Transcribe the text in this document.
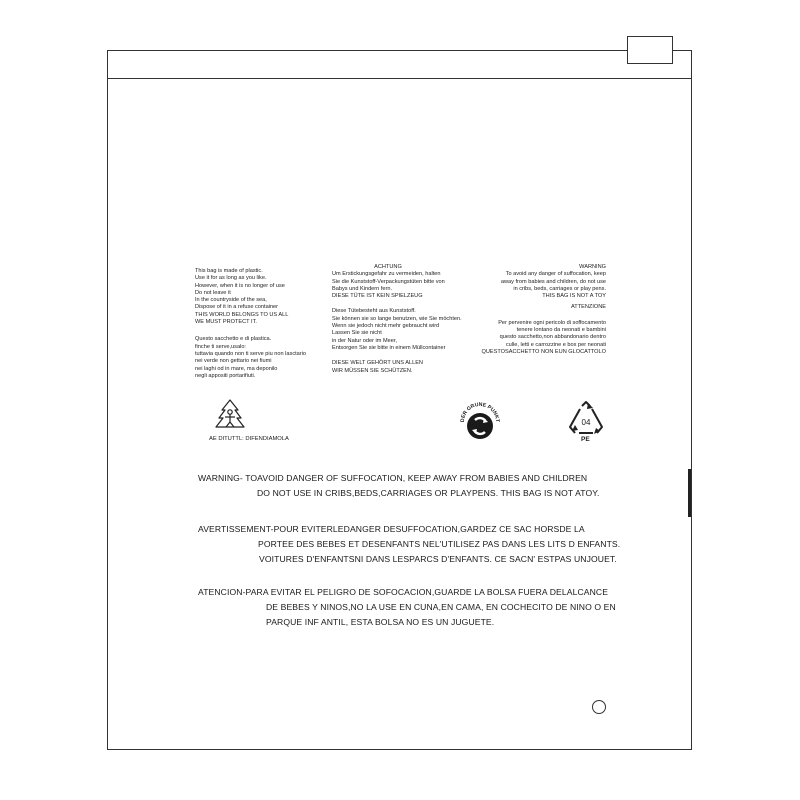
This bag is made of plastic.
Use it for as long as you like.
However, when it is no longer of use
Do not leave it
In the countryside of the sea,
Dispose of it in a refuse container
THIS WORLD BELONGS TO US ALL
WE MUST PROTECT IT.
Questo sacchetto e di plastica.
finche ti serve,usalo:
tuttavia quando non ti serve piu non lasctario
nei verde non gettario nei fiumi
nei laghi od in mare, ma deponilo
negli appositi portarifiuti.
ACHTUNG
Um Erstickungsgefahr zu vermeiden, halten
Sie die Kunststoff-Verpackungstüten bitte von
Babys und Kindern fern.
DIESE TÜTE IST KEIN SPIELZEUG
Diese Tütebesteht aus Kunststoff.
Sie können sie so lange benutzen, wie Sie möchten.
Wenn sie jedoch nicht mehr gebraucht wird
Lassen Sie sie nicht
in der Natur oder im Meer,
Entsorgen Sie sie bitte in einem Müllcontainer
DIESE WELT GEHÖRT UNS ALLEN
WIR MÜSSEN SIE SCHÜTZEN.
WARNING
To avoid any danger of suffocation, keep
away from babies and children, do not use
in cribs, beds, carriages or play pens.
THIS BAG IS NOT A TOY
ATTENZIONE
Per pervenire ogni pericolo di soffocamento
tenere lontano da neonati e bambini
questo sacchetto,non abbandonario dentro
culle, letti e carrozzine e box per neonati
QUESTOSACCHETTO NON EUN GLOCATTOLO
AE DITUTTL: DIFENDIAMOLA
DER GRUNE PUNKT	04
PE
WARNING- TOAVOID DANGER OF SUFFOCATION, KEEP AWAY FROM BABIES AND CHILDREN
DO NOT USE IN CRIBS,BEDS,CARRIAGES OR PLAYPENS. THIS BAG IS NOT ATOY.
AVERTISSEMENT-POUR EVITERLEDANGER DESUFFOCATION,GARDEZ CE SAC HORSDE LA
PORTEE DES BEBES ET DESENFANTS NEL'UTILISEZ PAS DANS LES LITS D ENFANTS.
VOITURES D'ENFANTSNI DANS LESPARCS D'ENFANTS. CE SACN' ESTPAS UNJOUET.
ATENCION-PARA EVITAR EL PELIGRO DE SOFOCACION,GUARDE LA BOLSA FUERA DELALCANCE
DE BEBES Y NINOS,NO LA USE EN CUNA,EN CAMA, EN COCHECITO DE NINO O EN
PARQUE INF ANTIL, ESTA BOLSA NO ES UN JUGUETE.
